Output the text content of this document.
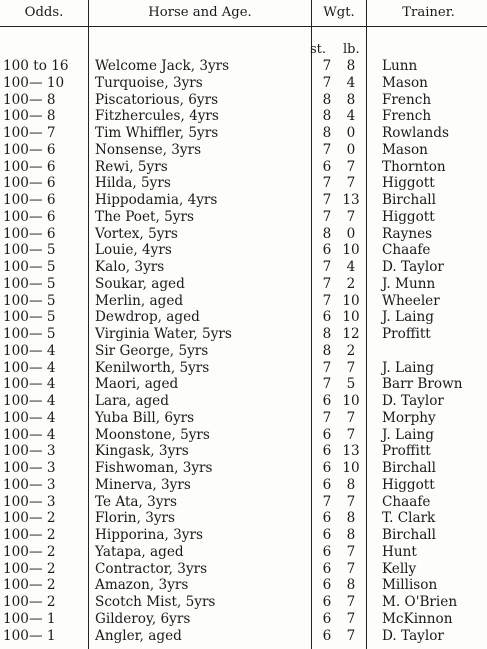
Odds.	Horse and Age.	Wgt.	Trainer.
st. lb.
100 to 16 Welcome Jack, 3yrs	7	8	Lunn
100— 10 Turquoise, 3yrs	7	4	Mason
100— 8	Piscatorious, 6yrs	8	8	French
100— 8	Fitzhercules, 4yrs	8	4	French
100— 7	Tim Whiffler, 5yrs	8	0	Rowlands
100— 6	Nonsense, 3yrs	7	0	Mason
100— 6	Rewi, 5yrs	6	7	Thornton
100— 6	Hilda, 5yrs	7	7	Higgott
100— 6	Hippodamia, 4yrs	7 13 Birchall
100— 6	The Poet, 5yrs	7	7	Higgott
100— 6	Vortex, 5yrs	8	0	Raynes
100— 5	Louie, 4yrs	6 10 Chaafe
100— 5	Kalo, 3yrs	7	4	D. Taylor
100— 5	Soukar, aged	7	2	J. Munn
100— 5	Merlin, aged	7 10 Wheeler
100— 5	Dewdrop, aged	6 10 J. Laing
100— 5	Virginia Water, 5yrs	8 12 Proffitt
100— 4	Sir George, 5yrs	8	2
100— 4	Kenilworth, 5yrs	7	7	J. Laing
100— 4	Maori, aged	7	5	Barr Brown
100— 4	Lara, aged	6 10 D. Taylor
100— 4	Yuba Bill, 6yrs	7	7	Morphy
100— 4	Moonstone, 5yrs	6	7	J. Laing
100— 3	Kingask, 3yrs	6 13 Proffitt
100— 3	Fishwoman, 3yrs	6 10 Birchall
100— 3	Minerva, 3yrs	6	8	Higgott
100— 3	Te Ata, 3yrs	7	7	Chaafe
100— 2	Florin, 3yrs	6	8	T. Clark
100— 2	Hipporina, 3yrs	6	8	Birchall
100— 2	Yatapa, aged	6	7	Hunt
100— 2	Contractor, 3yrs	6	7	Kelly
100— 2	Amazon, 3yrs	6	8	Millison
100— 2	Scotch Mist, 5yrs	6	7	M. O'Brien
100— 1	Gilderoy, 6yrs	6	7	McKinnon
100— 1	Angler, aged	6	7	D. Taylor
